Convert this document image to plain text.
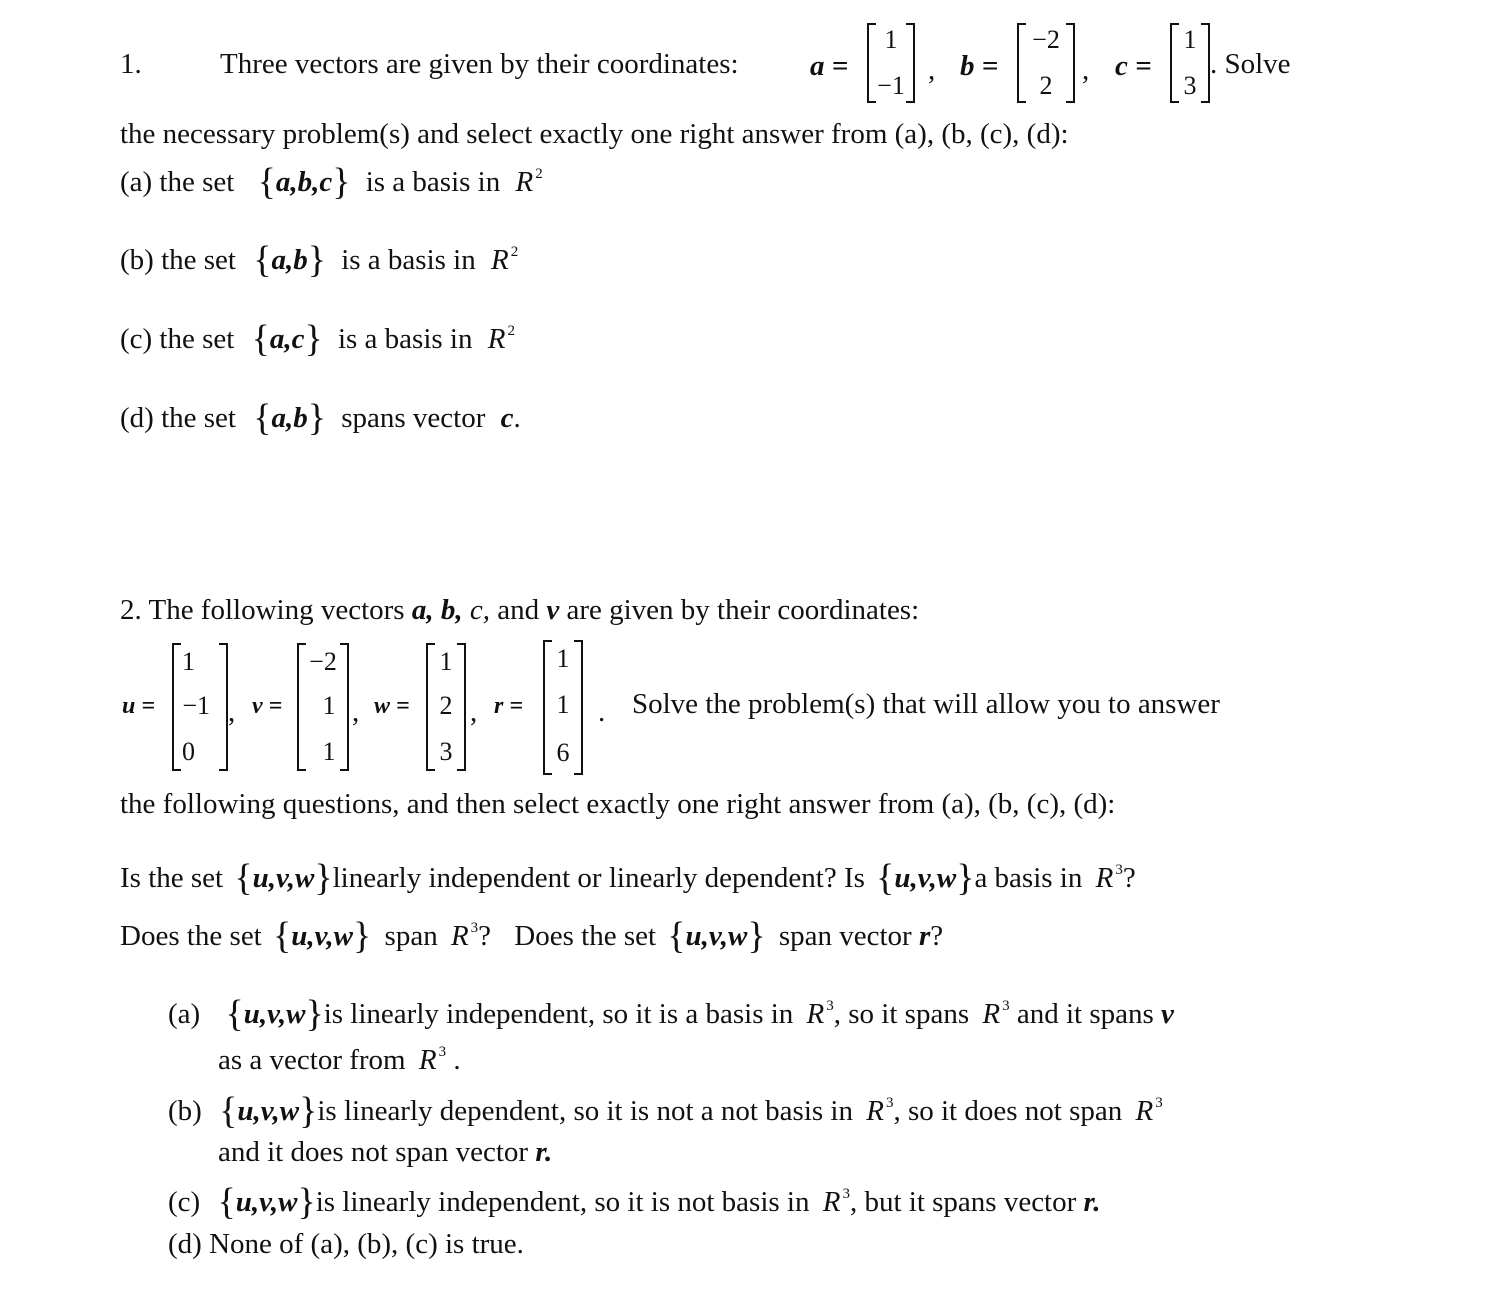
1.	Three vectors are given by their coordinates: a =
1
−1 , b =
−2
2	, c =
1
3
. Solve
the necessary problem(s) and select exactly one right answer from (a), (b, (c), (d):
(a) the set {a,b,c} is a basis in R $^2$
(b) the set {a,b} is a basis in R $^2$
(c) the set {a,c} is a basis in R $^2$
(d) the set {a,b} spans vector c.
2. The following vectors a, b, c, and v are given by their coordinates:
u =
1
−1
0
, v =
−2
1
1
, w =
1
2
3
, r =
1
1
6
. Solve the problem(s) that will allow you to answer
the following questions, and then select exactly one right answer from (a), (b, (c), (d):
Is the set {u,v,w}linearly independent or linearly dependent? Is {u,v,w}a basis in R $^3$?
Does the set {u,v,w} span R $^3$? Does the set {u,v,w} span vector r?
(a) {u,v,w}is linearly independent, so it is a basis in R $^3$, so it spans R $^3$ and it spans v
as a vector from R $^3$ .
(b) {u,v,w}is linearly dependent, so it is not a not basis in R $^3$, so it does not span R $^3$
and it does not span vector r.
(c) {u,v,w}is linearly independent, so it is not basis in R $^3$, but it spans vector r.
(d) None of (a), (b), (c) is true.
